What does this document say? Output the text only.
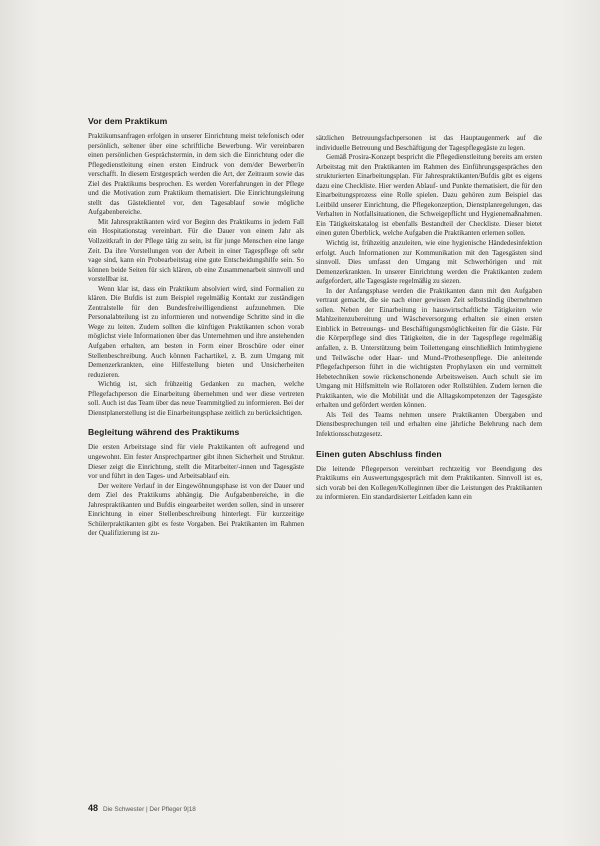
Vor dem Praktikum

Praktikumsanfragen erfolgen in unserer Einrichtung meist telefonisch oder persönlich, seltener über eine schriftliche Bewerbung. Wir vereinbaren einen persönlichen Gesprächstermin, in dem sich die Einrichtung oder die Pflegedienstleitung einen ersten Eindruck von dem/der Bewerber/in verschafft. In diesem Erstgespräch werden die Art, der Zeitraum sowie das Ziel des Praktikums besprochen. Es werden Vorerfahrungen in der Pflege und die Motivation zum Praktikum thematisiert. Die Einrichtungsleitung stellt das Gästeklientel vor, den Tagesablauf sowie mögliche Aufgabenbereiche.

Mit Jahrespraktikanten wird vor Beginn des Praktikums in jedem Fall ein Hospitationstag vereinbart. Für die Dauer von einem Jahr als Vollzeitkraft in der Pflege tätig zu sein, ist für junge Menschen eine lange Zeit. Da ihre Vorstellungen von der Arbeit in einer Tagespflege oft sehr vage sind, kann ein Probearbeitstag eine gute Entscheidungshilfe sein. So können beide Seiten für sich klären, ob eine Zusammenarbeit sinnvoll und vorstellbar ist.

Wenn klar ist, dass ein Praktikum absolviert wird, sind Formalien zu klären. Die Bufdis ist zum Beispiel regelmäßig Kontakt zur zuständigen Zentralstelle für den Bundesfreiwilligendienst aufzunehmen. Die Personalabteilung ist zu informieren und notwendige Schritte sind in die Wege zu leiten. Zudem sollten die künftigen Praktikanten schon vorab möglichst viele Informationen über das Unternehmen und ihre anstehenden Aufgaben erhalten, am besten in Form einer Broschüre oder einer Stellenbeschreibung. Auch können Fachartikel, z. B. zum Umgang mit Demenzerkrankten, eine Hilfestellung bieten und Unsicherheiten reduzieren.

Wichtig ist, sich frühzeitig Gedanken zu machen, welche Pflegefachperson die Einarbeitung übernehmen und wer diese vertreten soll. Auch ist das Team über das neue Teammitglied zu informieren. Bei der Dienstplanerstellung ist die Einarbeitungsphase zeitlich zu berücksichtigen.

Begleitung während des Praktikums

Die ersten Arbeitstage sind für viele Praktikanten oft aufregend und ungewohnt. Ein fester Ansprechpartner gibt ihnen Sicherheit und Struktur. Dieser zeigt die Einrichtung, stellt die Mitarbeiter/-innen und Tagesgäste vor und führt in den Tages- und Arbeitsablauf ein.

Der weitere Verlauf in der Eingewöhnungsphase ist von der Dauer und dem Ziel des Praktikums abhängig. Die Aufgabenbereiche, in die Jahrespraktikanten und Bufdis eingearbeitet werden sollen, sind in unserer Einrichtung in einer Stellenbeschreibung hinterlegt. Für kurzzeitige Schülerpraktikanten gibt es feste Vorgaben. Bei Praktikanten im Rahmen der Qualifizierung ist zu-

sätzlichen Betreuungsfachpersonen ist das Hauptaugenmerk auf die individuelle Betreuung und Beschäftigung der Tagespflegegäste zu legen.

Gemäß Prosira-Konzept bespricht die Pflegedienstleitung bereits am ersten Arbeitstag mit den Praktikanten im Rahmen des Einführungsgespräches den strukturierten Einarbeitungsplan. Für Jahrespraktikanten/Bufdis gibt es eigens dazu eine Checkliste. Hier werden Ablauf- und Punkte thematisiert, die für den Einarbeitungsprozess eine Rolle spielen. Dazu gehören zum Beispiel das Leitbild unserer Einrichtung, die Pflegekonzeption, Dienstplanregelungen, das Verhalten in Notfallsituationen, die Schweigepflicht und Hygienemaßnahmen. Ein Tätigkeitskatalog ist ebenfalls Bestandteil der Checkliste. Dieser bietet einen guten Überblick, welche Aufgaben die Praktikanten erlernen sollen.

Wichtig ist, frühzeitig anzuleiten, wie eine hygienische Händedesinfektion erfolgt. Auch Informationen zur Kommunikation mit den Tagesgästen sind sinnvoll. Dies umfasst den Umgang mit Schwerhörigen und mit Demenzerkrankten. In unserer Einrichtung werden die Praktikanten zudem aufgefordert, alle Tagesgäste regelmäßig zu siezen.

In der Anfangsphase werden die Praktikanten dann mit den Aufgaben vertraut gemacht, die sie nach einer gewissen Zeit selbstständig übernehmen sollen. Neben der Einarbeitung in hauswirtschaftliche Tätigkeiten wie Mahlzeitenzubereitung und Wäscheversorgung erhalten sie einen ersten Einblick in Betreuungs- und Beschäftigungsmöglichkeiten für die Gäste. Für die Körperpflege sind dies Tätigkeiten, die in der Tagespflege regelmäßig anfallen, z. B. Unterstützung beim Toilettengang einschließlich Intimhygiene und Teilwäsche oder Haar- und Mund-/Prothesenpflege. Die anleitende Pflegefachperson führt in die wichtigsten Prophylaxen ein und vermittelt Hebetechniken sowie rückenschonende Arbeitsweisen. Auch schult sie im Umgang mit Hilfsmitteln wie Rollatoren oder Rollstühlen. Zudem lernen die Praktikanten, wie die Mobilität und die Alltagskompetenzen der Tagesgäste erhalten und gefördert werden können.

Als Teil des Teams nehmen unsere Praktikanten Übergaben und Dienstbesprechungen teil und erhalten eine jährliche Belehrung nach dem Infektionsschutzgesetz.

Einen guten Abschluss finden

Die leitende Pflegeperson vereinbart rechtzeitig vor Beendigung des Praktikums ein Auswertungsgespräch mit dem Praktikanten. Sinnvoll ist es, sich vorab bei den Kollegen/Kolleginnen über die Leistungen des Praktikanten zu informieren. Ein standardisierter Leitfaden kann ein

48 Die Schwester | Der Pfleger 9|18
